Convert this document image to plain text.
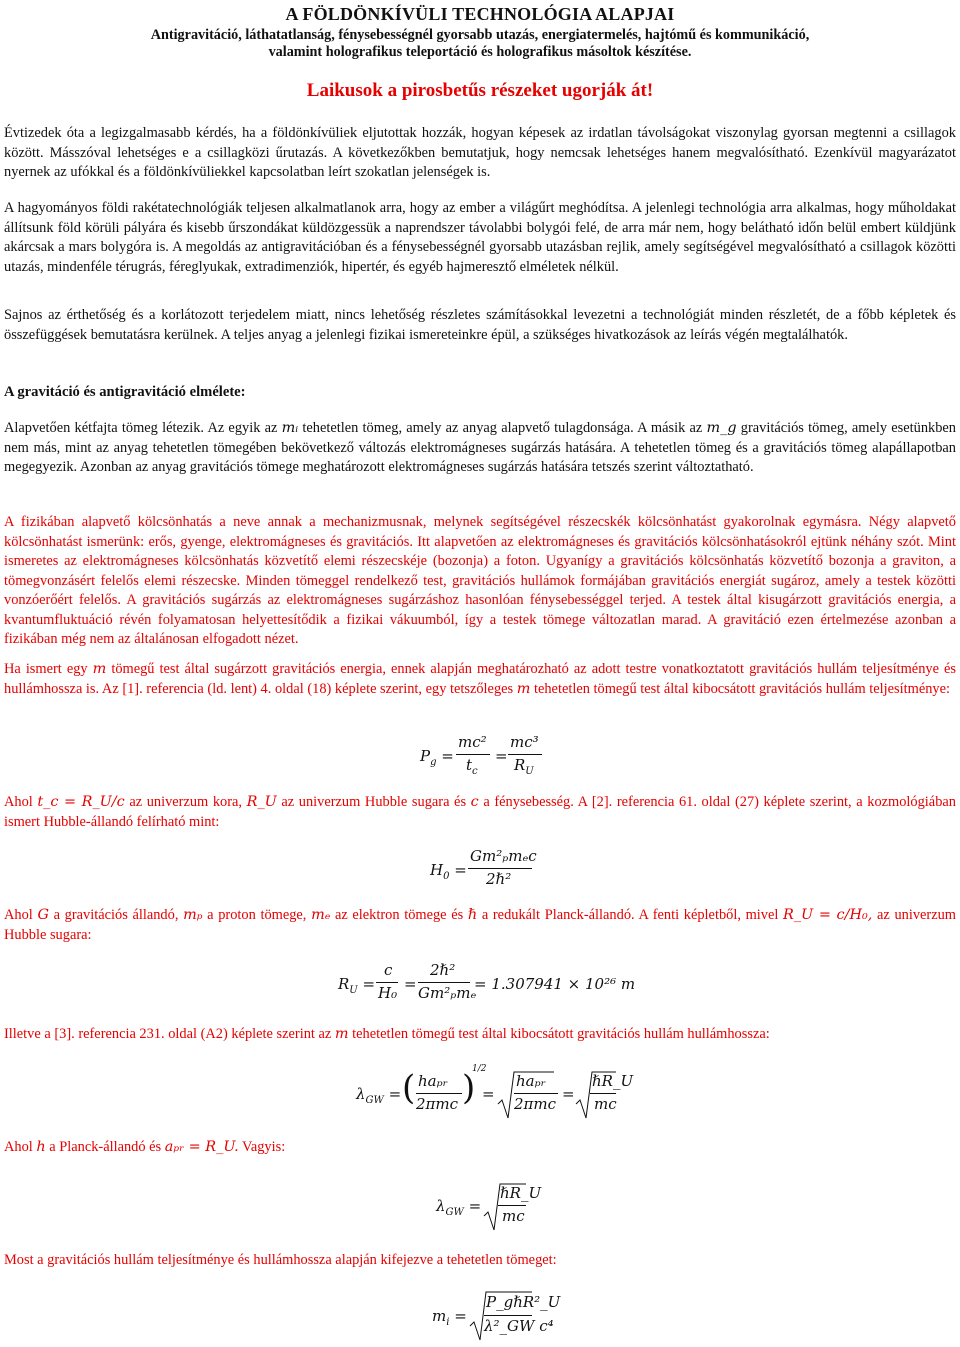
A FÖLDÖNKÍVÜLI TECHNOLÓGIA ALAPJAI
Antigravitáció, láthatatlanság, fénysebességnél gyorsabb utazás, energiatermelés, hajtómű és kommunikáció,
valamint holografikus teleportáció és holografikus másoltok készítése.
Laikusok a pirosbetűs részeket ugorják át!
Évtizedek óta a legizgalmasabb kérdés, ha a földönkívüliek eljutottak hozzák, hogyan képesek az irdatlan távolságokat viszonylag gyorsan megtenni a csillagok között. Másszóval lehetséges e a csillagközi űrutazás. A következőkben bemutatjuk, hogy nemcsak lehetséges hanem megvalósítható. Ezenkívül magyarázatot nyernek az ufókkal és a földönkívüliekkel kapcsolatban leírt szokatlan jelenségek is.
A hagyományos földi rakétatechnológiák teljesen alkalmatlanok arra, hogy az ember a világűrt meghódítsa. A jelenlegi technológia arra alkalmas, hogy műholdakat állítsunk föld körüli pályára és kisebb űrszondákat küldözgessük a naprendszer távolabbi bolygói felé, de arra már nem, hogy belátható időn belül embert küldjünk akárcsak a mars bolygóra is. A megoldás az antigravitációban és a fénysebességnél gyorsabb utazásban rejlik, amely segítségével megvalósítható a csillagok közötti utazás, mindenféle térugrás, féreglyukak, extradimenziók, hipertér, és egyéb hajmeresztő elméletek nélkül.
Sajnos az érthetőség és a korlátozott terjedelem miatt, nincs lehetőség részletes számításokkal levezetni a technológiát minden részletét, de a főbb képletek és összefüggések bemutatásra kerülnek. A teljes anyag a jelenlegi fizikai ismereteinkre épül, a szükséges hivatkozások az leírás végén megtalálhatók.
A gravitáció és antigravitáció elmélete:
Alapvetően kétfajta tömeg létezik. Az egyik az mᵢ tehetetlen tömeg, amely az anyag alapvető tulagdonsága. A másik az m_g gravitációs tömeg, amely esetünkben nem más, mint az anyag tehetetlen tömegében bekövetkező változás elektromágneses sugárzás hatására. A tehetetlen tömeg és a gravitációs tömeg alapállapotban megegyezik. Azonban az anyag gravitációs tömege meghatározott elektromágneses sugárzás hatására tetszés szerint változtatható.
A fizikában alapvető kölcsönhatás a neve annak a mechanizmusnak, melynek segítségével részecskék kölcsönhatást gyakorolnak egymásra. Négy alapvető kölcsönhatást ismerünk: erős, gyenge, elektromágneses és gravitációs. Itt alapvetően az elektromágneses és gravitációs kölcsönhatásokról ejtünk néhány szót. Mint ismeretes az elektromágneses kölcsönhatás közvetítő elemi részecskéje (bozonja) a foton. Ugyanígy a gravitációs kölcsönhatás közvetítő bozonja a graviton, a tömegvonzásért felelős elemi részecske. Minden tömeggel rendelkező test, gravitációs hullámok formájában gravitációs energiát sugároz, amely a testek közötti vonzóerőért felelős. A gravitációs sugárzás az elektromágneses sugárzáshoz hasonlóan fénysebességgel terjed. A testek által kisugárzott gravitációs energia, a kvantumfluktuáció révén folyamatosan helyettesítődik a fizikai vákuumból, így a testek tömege változatlan marad. A gravitáció ezen értelmezése azonban a fizikában még nem az általánosan elfogadott nézet.
Ha ismert egy m tömegű test által sugárzott gravitációs energia, ennek alapján meghatározható az adott testre vonatkoztatott gravitációs hullám teljesítménye és hullámhossza is. Az [1]. referencia (ld. lent) 4. oldal (18) képlete szerint, egy tetszőleges m tehetetlen tömegű test által kibocsátott gravitációs hullám teljesítménye:
$P_g$ =
mc²
$t_c$
=
mc³
$R_U$
Ahol t_c = R_U/c az univerzum kora, R_U az univerzum Hubble sugara és c a fénysebesség. A [2]. referencia 61. oldal (27) képlete szerint, a kozmológiában ismert Hubble-állandó felírható mint:
$H_0$ =
Gm²ₚmₑc
2ℏ²
Ahol G a gravitációs állandó, mₚ a proton tömege, mₑ az elektron tömege és ℏ a redukált Planck-állandó. A fenti képletből, mivel R_U = c/H₀, az univerzum Hubble sugara:
$R_U$ =
c
H₀ =
2ℏ²
Gm²ₚmₑ
= 1.307941 × 10²⁶ m
Illetve a [3]. referencia 231. oldal (A2) képlete szerint az m tehetetlen tömegű test által kibocsátott gravitációs hullám hullámhossza:
$\lambda_{GW}$ = ( haₚᵣ
2πmc )
1/2
=
haₚᵣ
2πmc
=
ℏR_U
mc
Ahol h a Planck-állandó és aₚᵣ = R_U. Vagyis:
$\lambda_{GW}$ =
ℏR_U
mc
Most a gravitációs hullám teljesítménye és hullámhossza alapján kifejezve a tehetetlen tömeget:
$m_i$ =
P_gℏR²_U
λ²_GW c⁴
